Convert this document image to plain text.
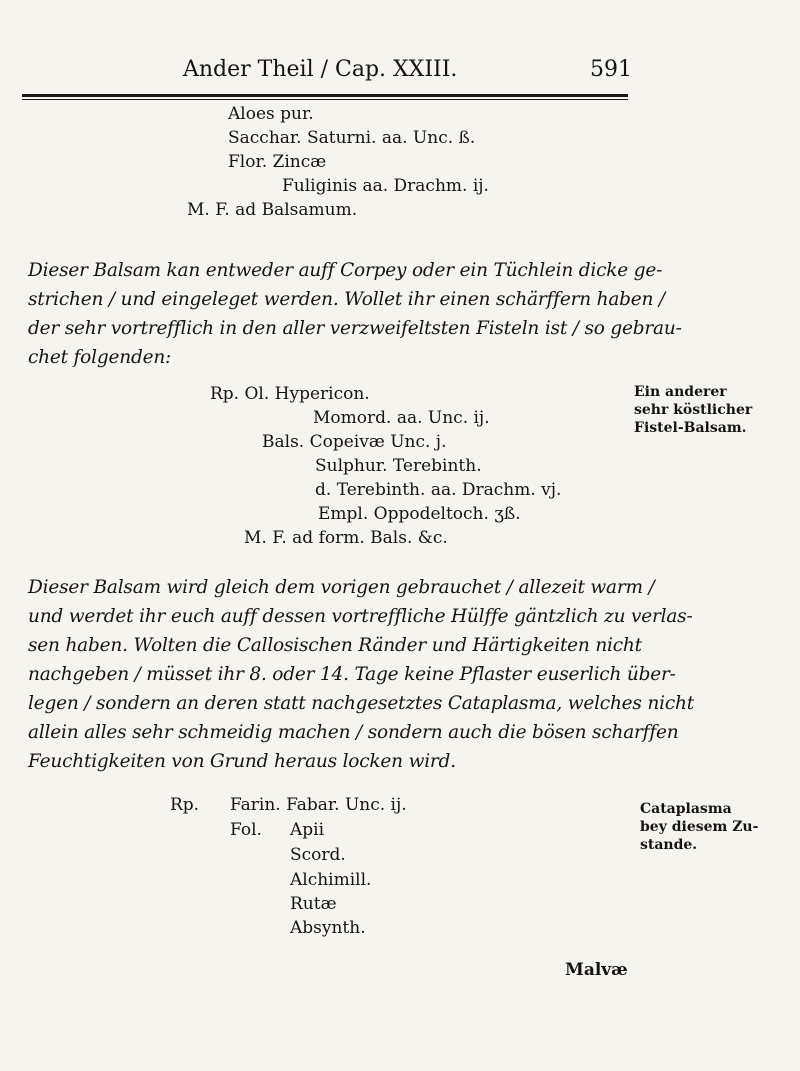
Ander Theil / Cap. XXIII.	591
Aloes pur.
Sacchar. Saturni. aa. Unc. ß.
Flor. Zincæ
Fuliginis aa. Drachm. ij.
M. F. ad Balsamum.
Dieser Balsam kan entweder auff Corpey oder ein Tüchlein dicke ge-
strichen / und eingeleget werden. Wollet ihr einen schärffern haben /
der sehr vortrefflich in den aller verzweifeltsten Fisteln ist / so gebrau-
chet folgenden:
Rp. Ol. Hypericon.
Momord. aa. Unc. ij.
Bals. Copeivæ Unc. j.
Sulphur. Terebinth.
d. Terebinth. aa. Drachm. vj.
Empl. Oppodeltoch. ʒß.
M. F. ad form. Bals. &c.
Ein anderer
sehr köstlicher
Fistel-Balsam.
Dieser Balsam wird gleich dem vorigen gebrauchet / allezeit warm /
und werdet ihr euch auff dessen vortreffliche Hülffe gäntzlich zu verlas-
sen haben. Wolten die Callosischen Ränder und Härtigkeiten nicht
nachgeben / müsset ihr 8. oder 14. Tage keine Pflaster euserlich über-
legen / sondern an deren statt nachgesetztes Cataplasma, welches nicht
allein alles sehr schmeidig machen / sondern auch die bösen scharffen
Feuchtigkeiten von Grund heraus locken wird.
Rp. Farin. Fabar. Unc. ij.
Fol. Apii
Scord.
Alchimill.
Rutæ
Absynth.
Cataplasma
bey diesem Zu-
stande.
Malvæ
